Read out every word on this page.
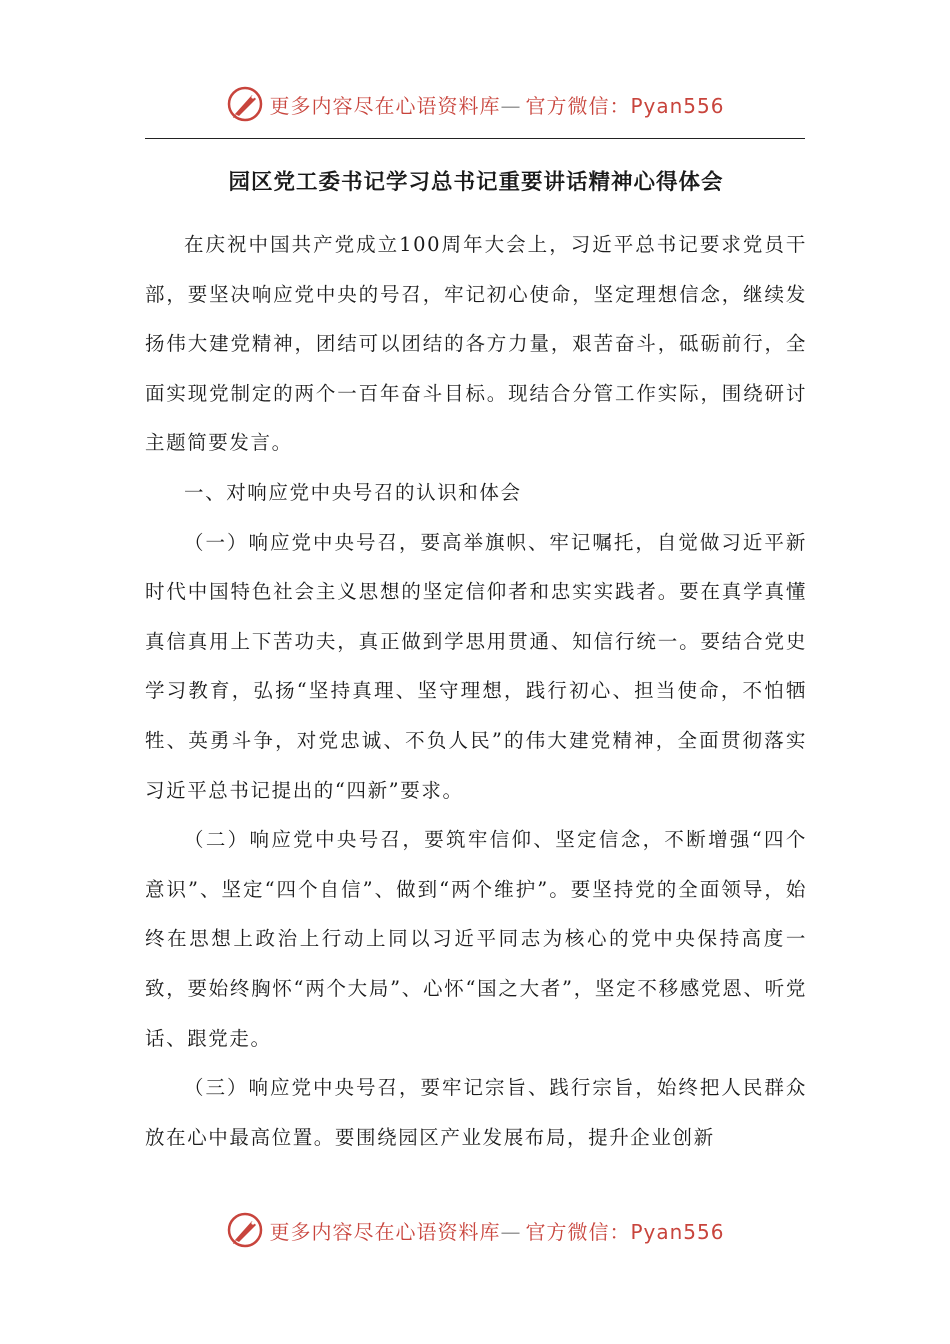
更多内容尽在心语资料库— 官方微信：Pyan556
园区党工委书记学习总书记重要讲话精神心得体会

在庆祝中国共产党成立100周年大会上，习近平总书记要求党员干部，要坚决响应党中央的号召，牢记初心使命，坚定理想信念，继续发扬伟大建党精神，团结可以团结的各方力量，艰苦奋斗，砥砺前行，全面实现党制定的两个一百年奋斗目标。现结合分管工作实际，围绕研讨主题简要发言。

一、对响应党中央号召的认识和体会

（一）响应党中央号召，要高举旗帜、牢记嘱托，自觉做习近平新时代中国特色社会主义思想的坚定信仰者和忠实实践者。要在真学真懂真信真用上下苦功夫，真正做到学思用贯通、知信行统一。要结合党史学习教育，弘扬“坚持真理、坚守理想，践行初心、担当使命，不怕牺牲、英勇斗争，对党忠诚、不负人民”的伟大建党精神，全面贯彻落实习近平总书记提出的“四新”要求。

（二）响应党中央号召，要筑牢信仰、坚定信念，不断增强“四个意识”、坚定“四个自信”、做到“两个维护”。要坚持党的全面领导，始终在思想上政治上行动上同以习近平同志为核心的党中央保持高度一致，要始终胸怀“两个大局”、心怀“国之大者”，坚定不移感党恩、听党话、跟党走。

（三）响应党中央号召，要牢记宗旨、践行宗旨，始终把人民群众放在心中最高位置。要围绕园区产业发展布局，提升企业创新

更多内容尽在心语资料库— 官方微信：Pyan556
